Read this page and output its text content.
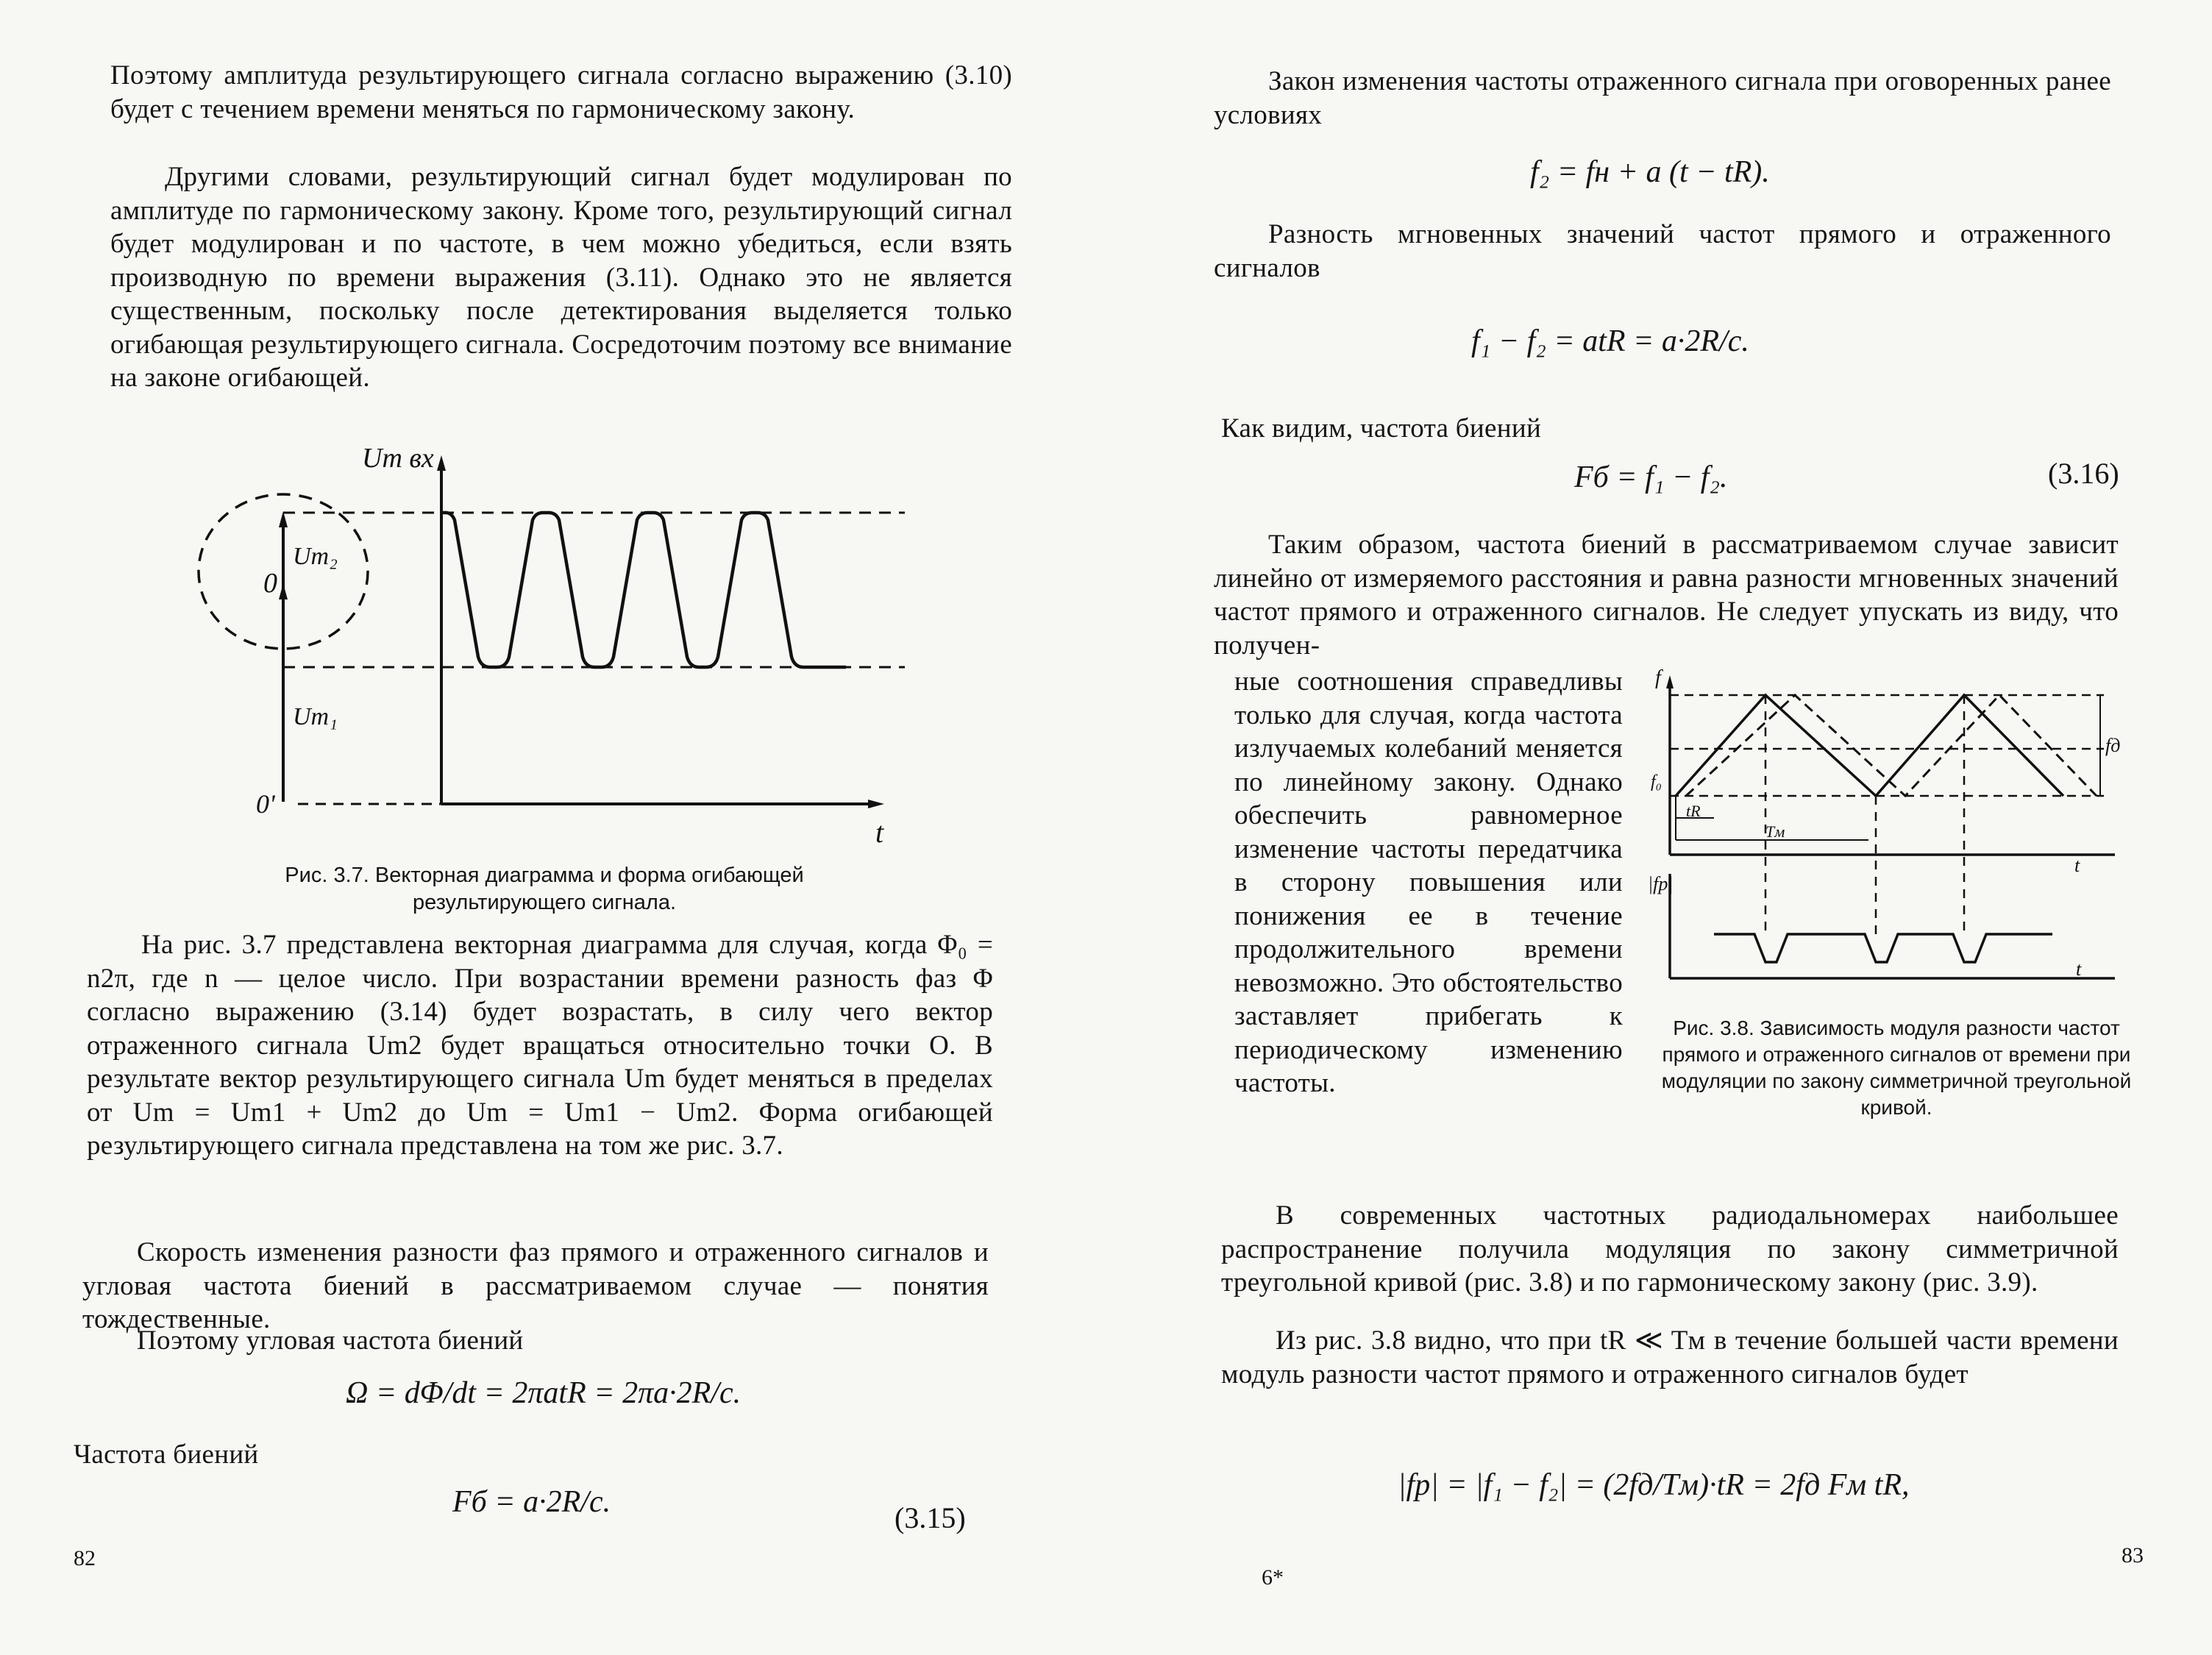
Поэтому амплитуда результирующего сигнала согласно выражению (3.10) будет с течением времени меняться по гармоническому закону.

Другими словами, результирующий сигнал будет модулирован по амплитуде по гармоническому закону. Кроме того, результирующий сигнал будет модулирован и по частоте, в чем можно убедиться, если взять производную по времени выражения (3.11). Однако это не является существенным, поскольку после детектирования выделяется только огибающая результирующего сигнала. Сосредоточим поэтому все внимание на законе огибающей.

Um вх
0
Um₂
Um₁
0'
t

Рис. 3.7. Векторная диаграмма и форма огибающей результирующего сигнала.

На рис. 3.7 представлена векторная диаграмма для случая, когда Φ₀ = n2π, где n — целое число. При возрастании времени разность фаз Φ согласно выражению (3.14) будет возрастать, в силу чего вектор отраженного сигнала Um2 будет вращаться относительно точки О. В результате вектор результирующего сигнала Um будет меняться в пределах от Um = Um1 + Um2 до Um = Um1 − Um2. Форма огибающей результирующего сигнала представлена на том же рис. 3.7.

Скорость изменения разности фаз прямого и отраженного сигналов и угловая частота биений в рассматриваемом случае — понятия тождественные.

Поэтому угловая частота биений

Ω = dΦ/dt = 2πatR = 2πa·2R/c.

Частота биений

Fб = a·2R/c.	(3.15)
82

Закон изменения частоты отраженного сигнала при оговоренных ранее условиях

f₂ = fн + a (t − tR).

Разность мгновенных значений частот прямого и отраженного сигналов

f₁ − f₂ = atR = a·2R/c.

Как видим, частота биений

Fб = f₁ − f₂.	(3.16)

Таким образом, частота биений в рассматриваемом случае зависит линейно от измеряемого расстояния и равна разности мгновенных значений частот прямого и отраженного сигналов. Не следует упускать из виду, что получен-

ные соотношения справедливы только для случая, когда частота излучаемых колебаний меняется по линейному закону. Однако обеспечить равномерное изменение частоты передатчика в сторону повышения или понижения ее в течение продолжительного времени невозможно. Это обстоятельство заставляет прибегать к периодическому изменению частоты.

f
f₀
fд
tR
Tм
t
|fр|
t

Рис. 3.8. Зависимость модуля разности частот прямого и отраженного сигналов от времени при модуляции по закону симметричной треугольной кривой.

В современных частотных радиодальномерах наибольшее распространение получила модуляция по закону симметричной треугольной кривой (рис. 3.8) и по гармоническому закону (рис. 3.9).

Из рис. 3.8 видно, что при tR ≪ Tм в течение большей части времени модуль разности частот прямого и отраженного сигналов будет

|fр| = |f₁ − f₂| = (2fд/Tм)·tR = 2fд Fм tR,
6*
83
